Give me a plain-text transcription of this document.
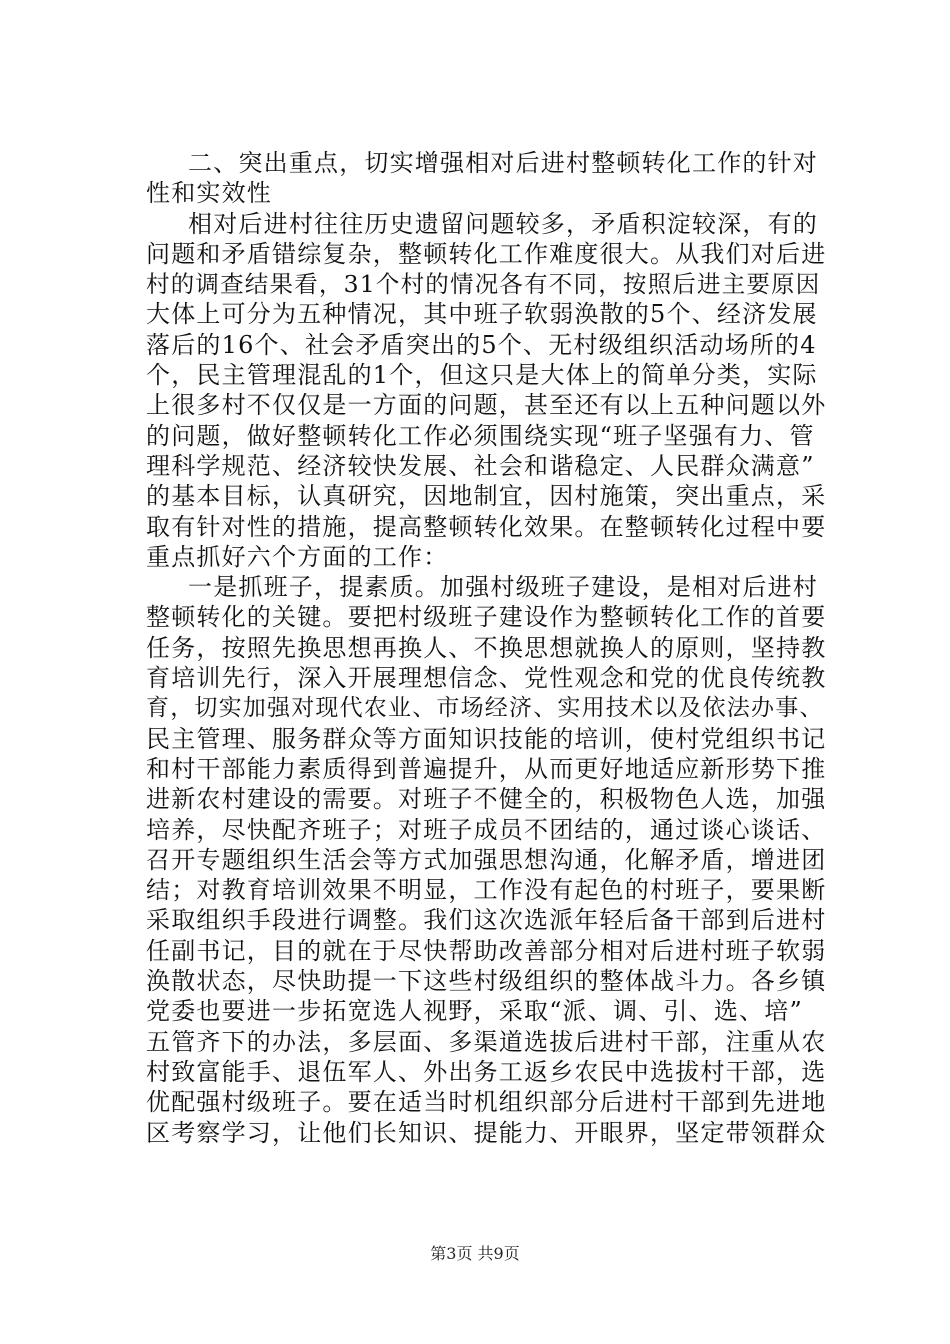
二、突出重点，切实增强相对后进村整顿转化工作的针对
性和实效性
相对后进村往往历史遗留问题较多，矛盾积淀较深，有的
问题和矛盾错综复杂，整顿转化工作难度很大。从我们对后进
村的调查结果看，31个村的情况各有不同，按照后进主要原因
大体上可分为五种情况，其中班子软弱涣散的5个、经济发展
落后的16个、社会矛盾突出的5个、无村级组织活动场所的4
个，民主管理混乱的1个，但这只是大体上的简单分类，实际
上很多村不仅仅是一方面的问题，甚至还有以上五种问题以外
的问题，做好整顿转化工作必须围绕实现“班子坚强有力、管
理科学规范、经济较快发展、社会和谐稳定、人民群众满意”
的基本目标，认真研究，因地制宜，因村施策，突出重点，采
取有针对性的措施，提高整顿转化效果。在整顿转化过程中要
重点抓好六个方面的工作：
一是抓班子，提素质。加强村级班子建设，是相对后进村
整顿转化的关键。要把村级班子建设作为整顿转化工作的首要
任务，按照先换思想再换人、不换思想就换人的原则，坚持教
育培训先行，深入开展理想信念、党性观念和党的优良传统教
育，切实加强对现代农业、市场经济、实用技术以及依法办事、
民主管理、服务群众等方面知识技能的培训，使村党组织书记
和村干部能力素质得到普遍提升，从而更好地适应新形势下推
进新农村建设的需要。对班子不健全的，积极物色人选，加强
培养，尽快配齐班子；对班子成员不团结的，通过谈心谈话、
召开专题组织生活会等方式加强思想沟通，化解矛盾，增进团
结；对教育培训效果不明显，工作没有起色的村班子，要果断
采取组织手段进行调整。我们这次选派年轻后备干部到后进村
任副书记，目的就在于尽快帮助改善部分相对后进村班子软弱
涣散状态，尽快助提一下这些村级组织的整体战斗力。各乡镇
党委也要进一步拓宽选人视野，采取“派、调、引、选、培”
五管齐下的办法，多层面、多渠道选拔后进村干部，注重从农
村致富能手、退伍军人、外出务工返乡农民中选拔村干部，选
优配强村级班子。要在适当时机组织部分后进村干部到先进地
区考察学习，让他们长知识、提能力、开眼界，坚定带领群众
第3页 共9页
